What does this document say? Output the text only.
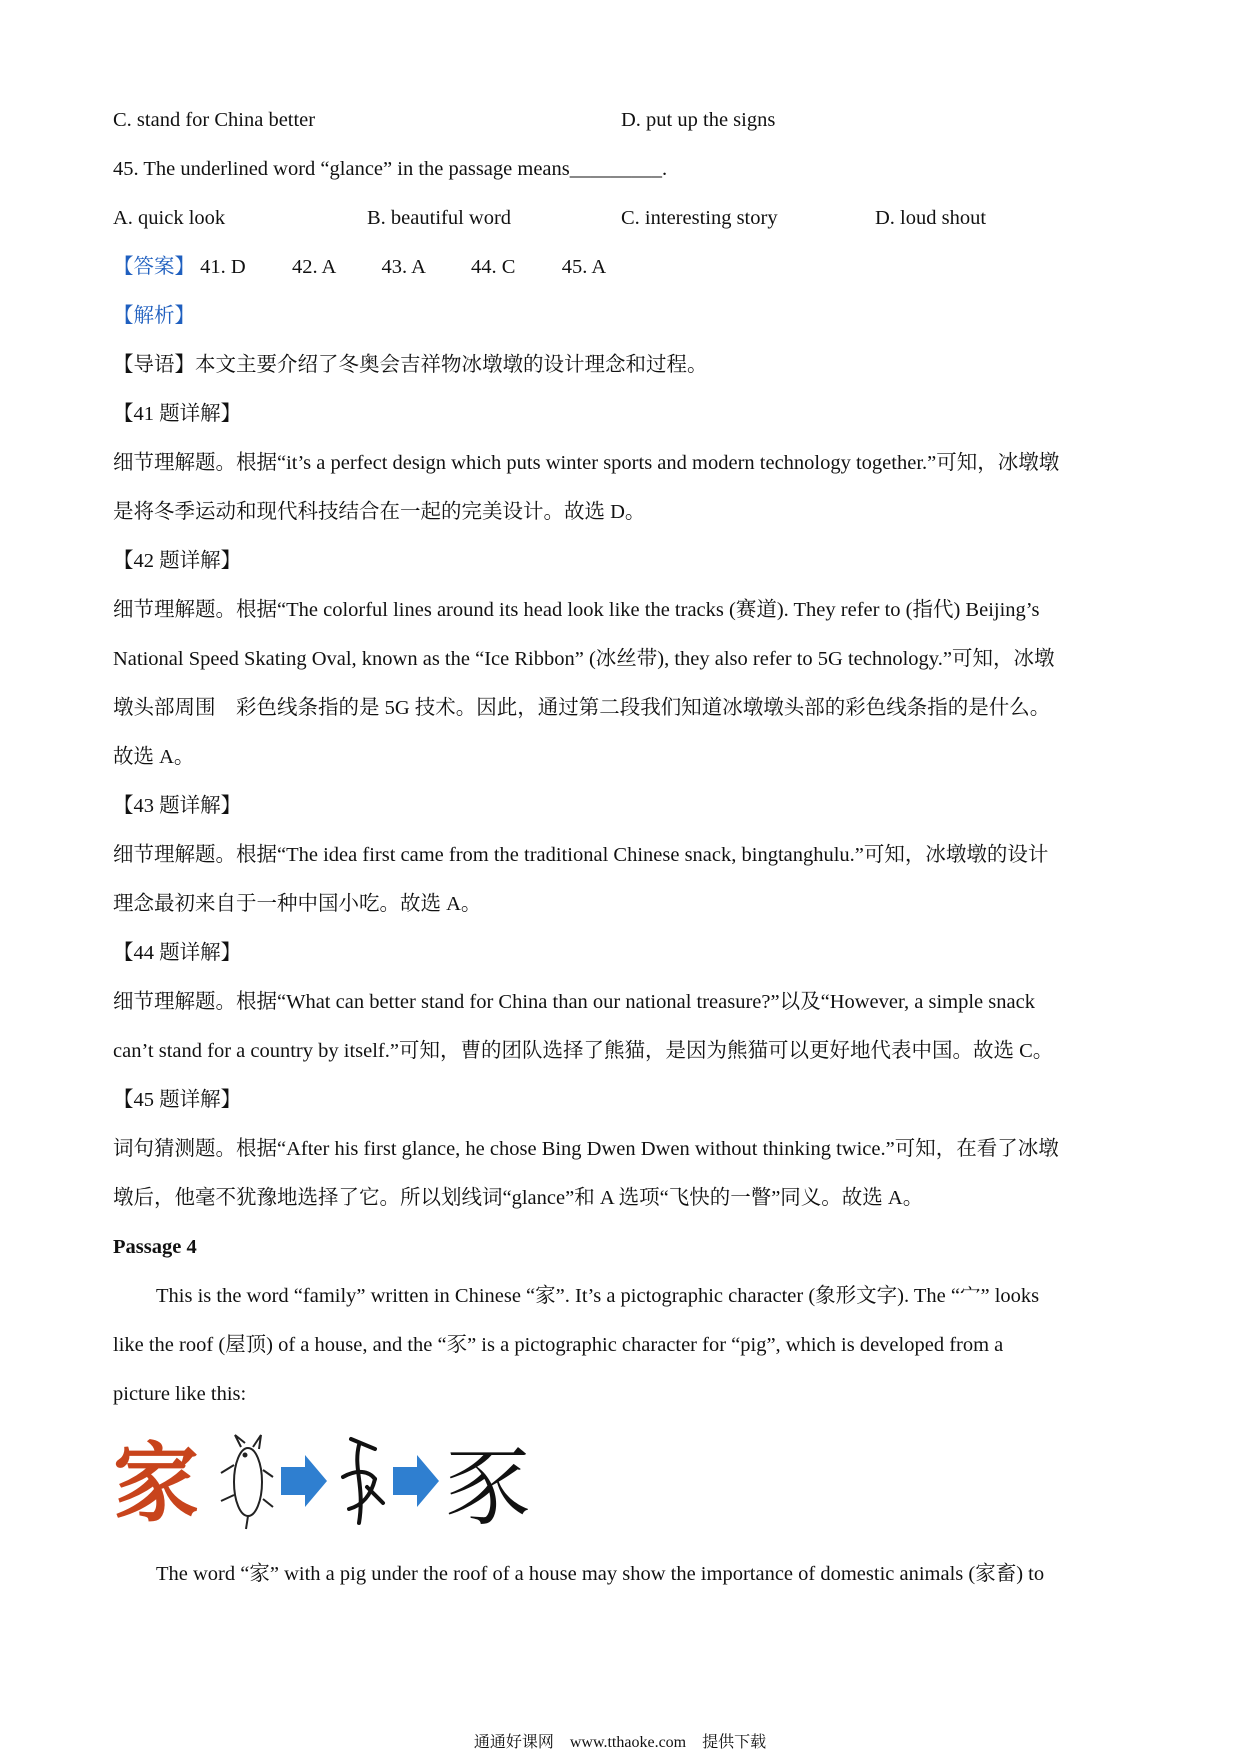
C. stand for China better	D. put up the signs
45. The underlined word “glance” in the passage means_________.
A. quick look	B. beautiful word	C. interesting story	D. loud shout
【答案】 41. D 42. A 43. A 44. C 45. A
【解析】
【导语】本文主要介绍了冬奥会吉祥物冰墩墩的设计理念和过程。
【41 题详解】
细节理解题。根据“it’s a perfect design which puts winter sports and modern technology together.”可知，冰墩墩
是将冬季运动和现代科技结合在一起的完美设计。故选 D。
【42 题详解】
细节理解题。根据“The colorful lines around its head look like the tracks (赛道). They refer to (指代) Beijing’s
National Speed Skating Oval, known as the “Ice Ribbon” (冰丝带), they also refer to 5G technology.”可知，冰墩
墩头部周围　彩色线条指的是 5G 技术。因此，通过第二段我们知道冰墩墩头部的彩色线条指的是什么。
故选 A。
【43 题详解】
细节理解题。根据“The idea first came from the traditional Chinese snack, bingtanghulu.”可知，冰墩墩的设计
理念最初来自于一种中国小吃。故选 A。
【44 题详解】
细节理解题。根据“What can better stand for China than our national treasure?”以及“However, a simple snack
can’t stand for a country by itself.”可知，曹的团队选择了熊猫，是因为熊猫可以更好地代表中国。故选 C。
【45 题详解】
词句猜测题。根据“After his first glance, he chose Bing Dwen Dwen without thinking twice.”可知，在看了冰墩
墩后，他毫不犹豫地选择了它。所以划线词“glance”和 A 选项“飞快的一瞥”同义。故选 A。
Passage 4
This is the word “family” written in Chinese “家”. It’s a pictographic character (象形文字). The “宀” looks
like the roof (屋顶) of a house, and the “豕” is a pictographic character for “pig”, which is developed from a
picture like this:
家	豕
The word “家” with a pig under the roof of a house may show the importance of domestic animals (家畜) to
通通好课网　www.tthaoke.com　提供下载
